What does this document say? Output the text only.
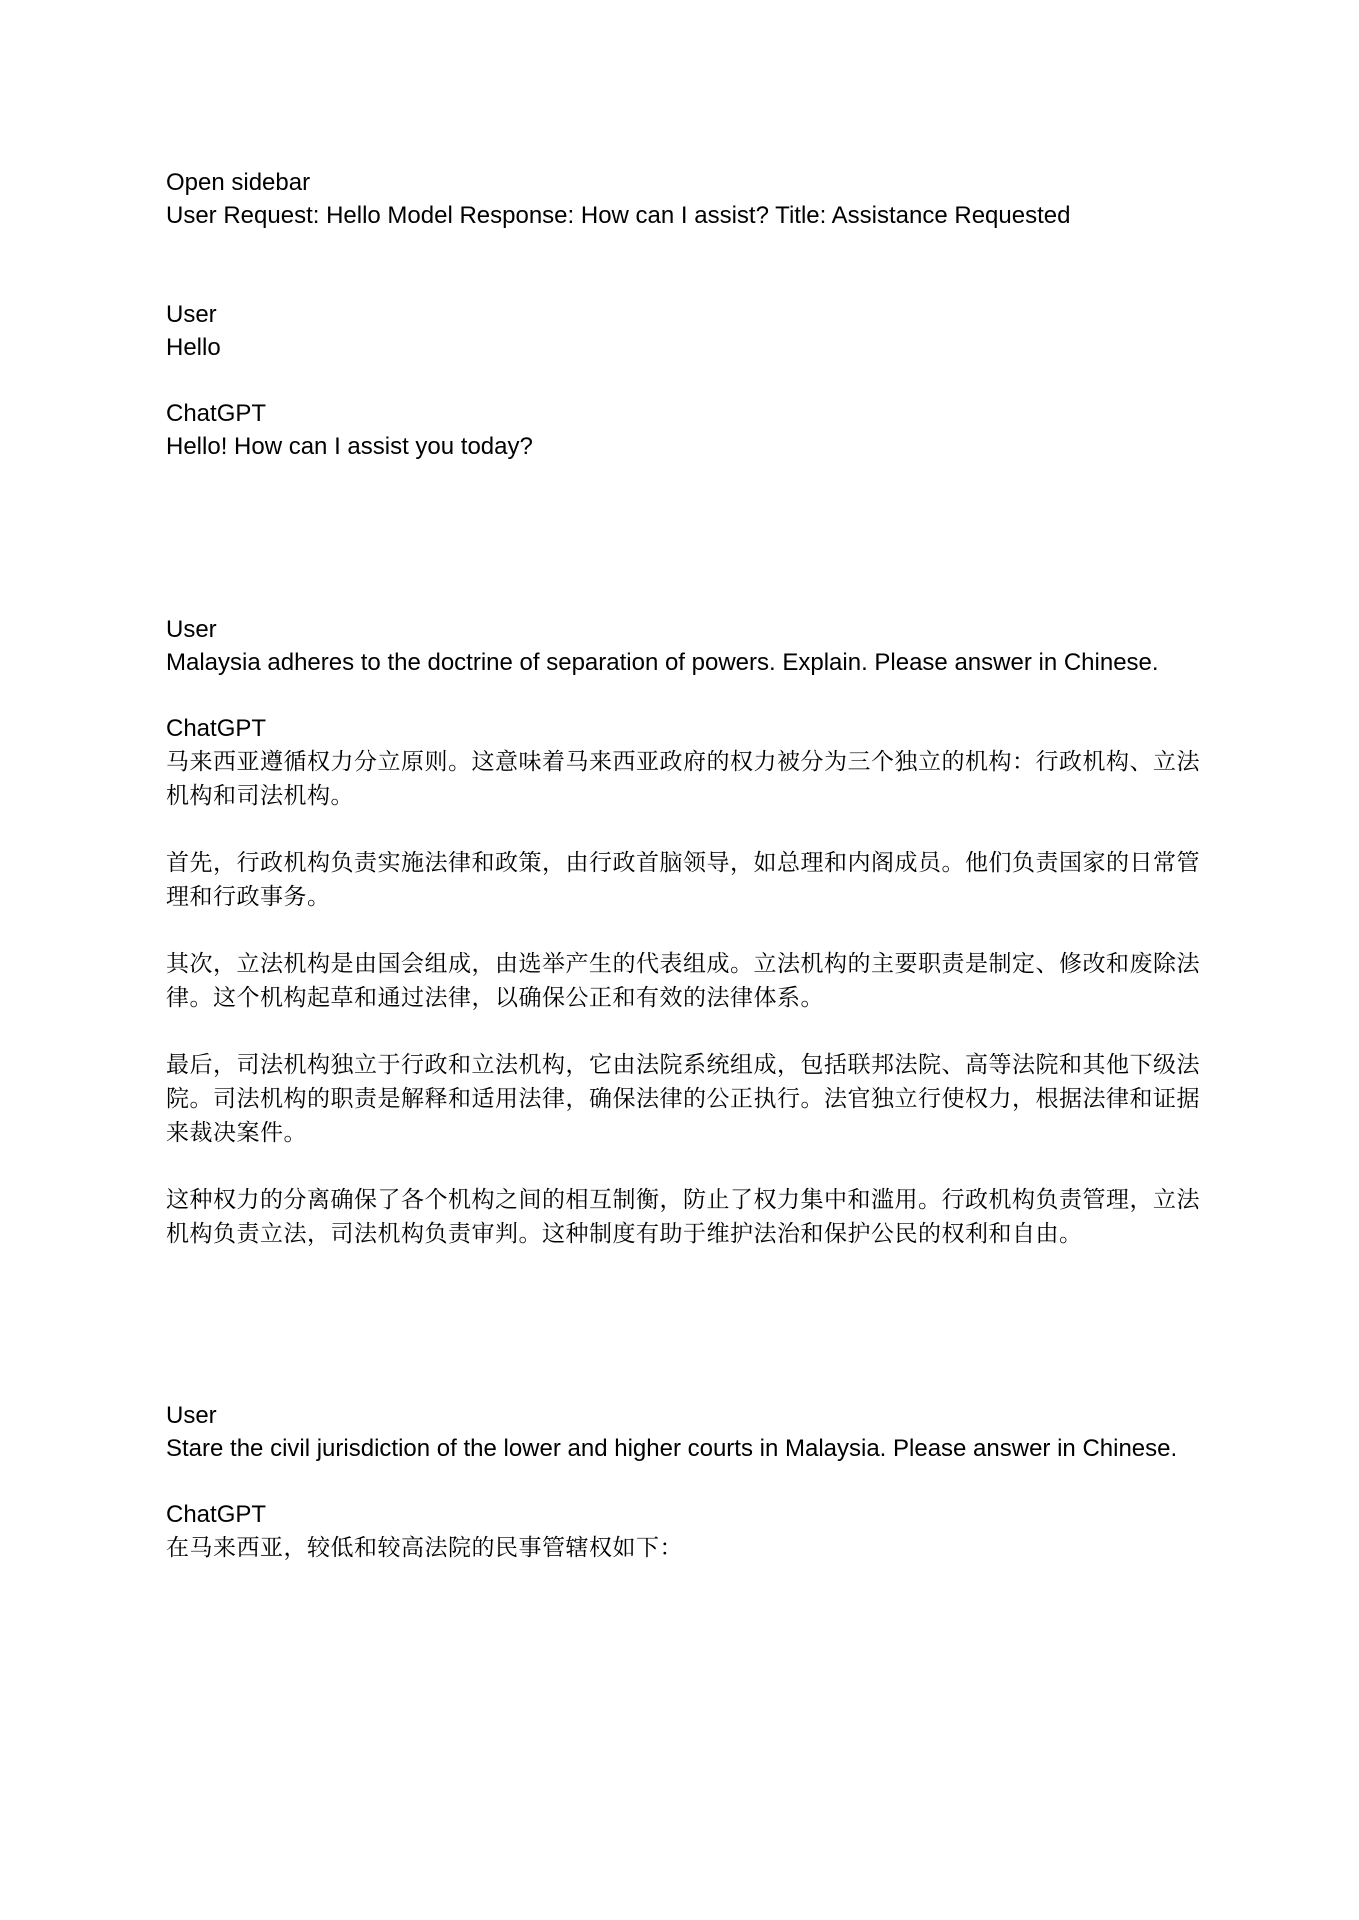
Open sidebar
User Request: Hello Model Response: How can I assist? Title: Assistance Requested
User
Hello
ChatGPT
Hello! How can I assist you today?
User
Malaysia adheres to the doctrine of separation of powers. Explain. Please answer in Chinese.
ChatGPT

马来西亚遵循权力分立原则。这意味着马来西亚政府的权力被分为三个独立的机构：行政机构、立法机构和司法机构。

首先，行政机构负责实施法律和政策，由行政首脑领导，如总理和内阁成员。他们负责国家的日常管理和行政事务。

其次，立法机构是由国会组成，由选举产生的代表组成。立法机构的主要职责是制定、修改和废除法律。这个机构起草和通过法律，以确保公正和有效的法律体系。

最后，司法机构独立于行政和立法机构，它由法院系统组成，包括联邦法院、高等法院和其他下级法院。司法机构的职责是解释和适用法律，确保法律的公正执行。法官独立行使权力，根据法律和证据来裁决案件。

这种权力的分离确保了各个机构之间的相互制衡，防止了权力集中和滥用。行政机构负责管理，立法机构负责立法，司法机构负责审判。这种制度有助于维护法治和保护公民的权利和自由。

User
Stare the civil jurisdiction of the lower and higher courts in Malaysia. Please answer in Chinese.
ChatGPT
在马来西亚，较低和较高法院的民事管辖权如下：
